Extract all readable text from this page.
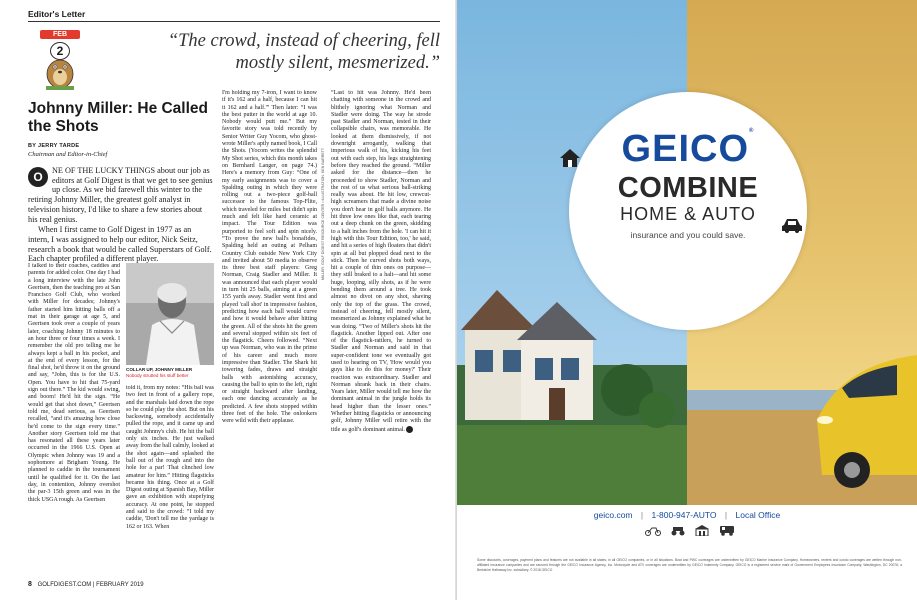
Editor's Letter
FEB
2	“The crowd, instead of cheering, fell mostly silent, mesmerized.”
Johnny Miller: He Called the Shots
BY JERRY TARDE
Chairman and Editor-in-Chief
O	NE OF THE LUCKY THINGS about our job as editors at Golf Digest is that we get to see genius up close. As we bid farewell this winter to the retiring Johnny Miller, the greatest golf analyst in television history, I'd like to share a few stories about his real genius.

When I first came to Golf Digest in 1977 as an intern, I was assigned to help our editor, Nick Seitz, research a book that would be called Superstars of Golf. Each chapter profiled a different player.

I talked to their coaches, caddies and parents for added color. One day I had a long interview with the late John Geertsen, then the teaching pro at San Francisco Golf Club, who worked with Miller for decades; Johnny's father started him hitting balls off a mat in their garage at age 5, and Geertsen took over a couple of years later, coaching Johnny 18 minutes to an hour three or four times a week. I remember the old pro telling me he always kept a ball in his pocket, and at the end of every lesson, for the final shot, he'd throw it on the ground and say, “John, this is for the U.S. Open. You have to hit that 75-yard sign out there.” The kid would swing, and boom! He'd hit the sign. “He would get that shot down,” Geertsen told me, dead serious, as Geertsen recalled, “and it's amazing how close he'd come to the sign every time.” Another story Geertsen told me that has resonated all these years later occurred in the 1966 U.S. Open at Olympic when Johnny was 19 and a sophomore at Brigham Young. He planned to caddie in the tournament until he qualified for it. On the last day, in contention, Johnny overshot the par-3 15th green and was in the thick USGA rough. As Geertsen

COLLAR UP, JOHNNY MILLER
Nobody strutted his stuff better

told it, from my notes: “His ball was two feet in front of a gallery rope, and the marshals laid down the rope so he could play the shot. But on his backswing, somebody accidentally pulled the rope, and it came up and caught Johnny's club. He hit the ball only six inches. He just walked away from the ball calmly, looked at the shot again—and splashed the ball out of the rough and into the hole for a par! That clinched low amateur for him.” Hitting flagsticks became his thing. Once at a Golf Digest outing at Spanish Bay, Miller gave an exhibition with stupefying accuracy. At one point, he stopped and said to the crowd: “I told my caddie, 'Don't tell me the yardage is 162 or 163. When

I'm holding my 7-iron, I want to know if it's 162 and a half, because I can hit it 162 and a half.'” Then later: “I was the best putter in the world at age 10. Nobody would putt me.” But my favorite story was told recently by Senior Writer Guy Yocom, who ghost-wrote Miller's aptly named book, I Call the Shots. (Yocom writes the splendid My Shot series, which this month takes on Bernhard Langer, on page 74.) Here's a memory from Guy: “One of my early assignments was to cover a Spalding outing in which they were rolling out a two-piece golf-ball successor to the famous Top-Flite, which traveled for miles but didn't spin much and felt like hard ceramic at impact. The Tour Edition was purported to feel soft and spin nicely. “To prove the new ball's bonafides, Spalding held an outing at Pelham Country Club outside New York City and invited about 50 media to observe its three best staff players: Greg Norman, Craig Stadler and Miller. It was announced that each player would in turn hit 25 balls, aiming at a green 155 yards away. Stadler went first and played 'call shot' in impressive fashion, predicting how each ball would curve and how it would behave after hitting the green. All of the shots hit the green and several stopped within six feet of the flagstick. Cheers followed. “Next up was Norman, who was in the prime of his career and much more impressive than Stadler. The Shark hit towering fades, draws and straight balls with astonishing accuracy, causing the ball to spin to the left, right or straight backward after landing, each one dancing accurately as he predicted. A few shots stopped within three feet of the hole. The onlookers were wild with their applause.

“Last to hit was Johnny. He'd been chatting with someone in the crowd and blithely ignoring what Norman and Stadler were doing. The way he strode past Stadler and Norman, tested in their collapsible chairs, was memorable. He looked at them dismissively, if not downright arrogantly, walking that imperious walk of his, kicking his feet out with each step, his legs straightening before they reached the ground. “Miller asked for the distance—then he proceeded to show Stadler, Norman and the rest of us what serious ball-striking really was about. He hit low, crewcut-high screamers that made a divine noise you don't hear in golf balls anymore. He hit three low ones like that, each tearing out a deep chunk on the green, skidding to a halt inches from the hole. 'I can hit it high with this Tour Edition, too,' he said, and hit a series of high floaters that didn't spin at all but plopped dead next to the stick. Then he curved shots both ways, hit a couple of thin ones on purpose—they still braked to a halt—and hit some huge, looping, silly shots, as if he were bending them around a tree. He took almost no divot on any shot, shaving only the top of the grass. The crowd, instead of cheering, fell mostly silent, mesmerized as Johnny explained what he was doing. “Two of Miller's shots hit the flagstick. Another lipped out. After one of the flagstick-rattlers, he turned to Stadler and Norman and said in that super-confident tone we eventually got used to hearing on TV, 'How would you guys like to do this for money?' Their reaction was extraordinary. Stadler and Norman shrank back in their chairs. Years later, Miller would tell me how the dominant animal in the jungle holds its head higher than the lesser ones.” Whether hitting flagsticks or announcing golf, Johnny Miller will retire with the title as golf's dominant animal.

MILLER: GOLF DIGEST RESOURCE CENTER • ILLUSTRATION: KEN BARRETT
8 GOLFDIGEST.COM | FEBRUARY 2019
GEICO®
COMBINE
HOME & AUTO
insurance and you could save.
geico.com | 1-800-947-AUTO | Local Office
Some discounts, coverages, payment plans and features are not available in all states, in all GEICO companies, or in all situations. Boat and PWC coverages are underwritten by GEICO Marine Insurance Company. Homeowners, renters and condo coverages are written through non-affiliated insurance companies and are secured through the GEICO Insurance Agency, Inc. Motorcycle and ATV coverages are underwritten by GEICO Indemnity Company. GEICO is a registered service mark of Government Employees Insurance Company, Washington, DC 20076; a Berkshire Hathaway Inc. subsidiary. © 2018 GEICO
